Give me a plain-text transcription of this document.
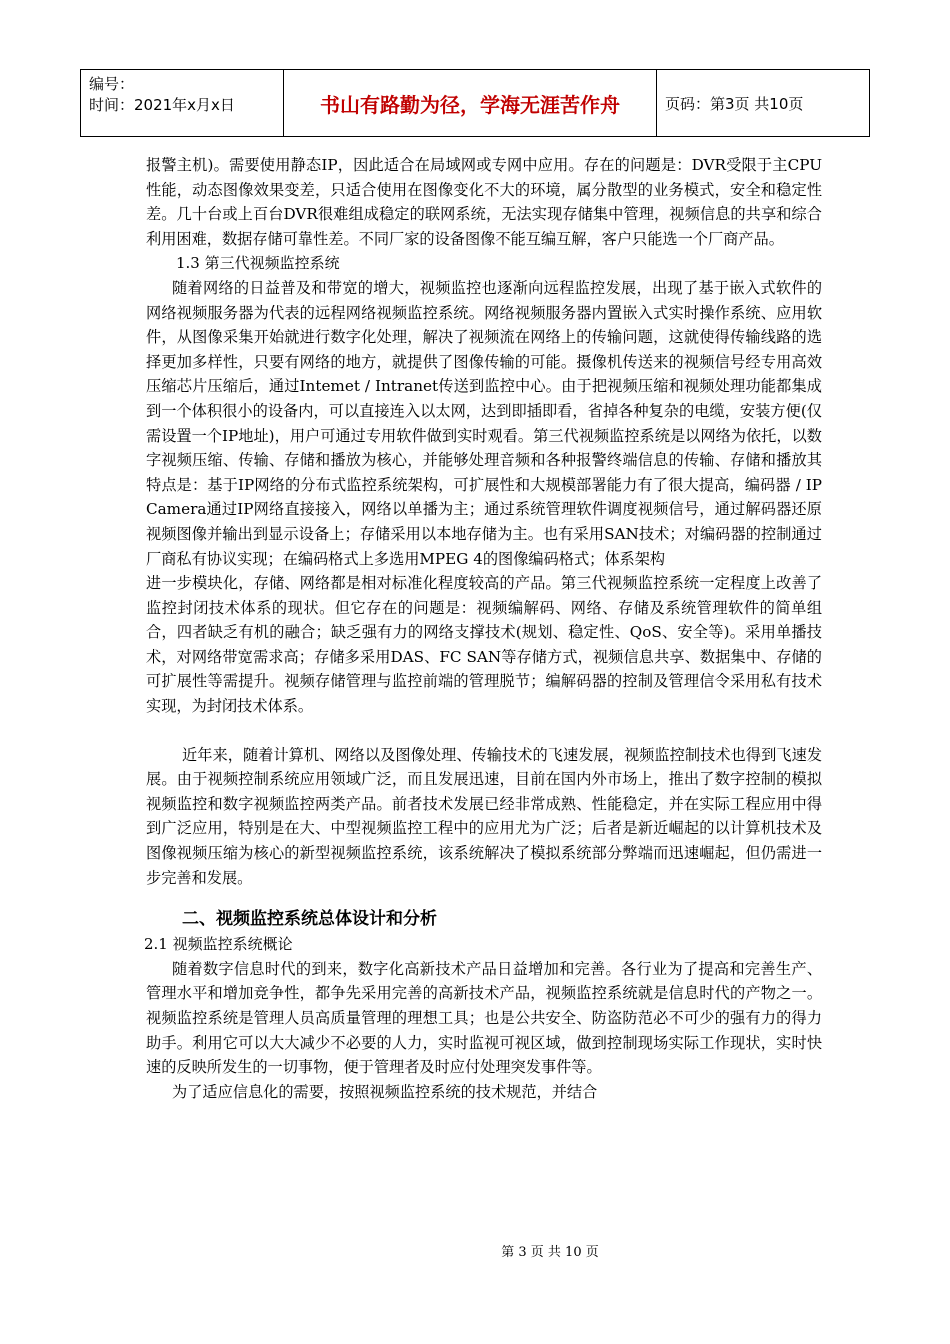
编号：
时间：2021年x月x日	书山有路勤为径，学海无涯苦作舟	页码：第3页 共10页

报警主机)。需要使用静态IP，因此适合在局域网或专网中应用。存在的问题是：DVR受限于主CPU性能，动态图像效果变差，只适合使用在图像变化不大的环境，属分散型的业务模式，安全和稳定性差。几十台或上百台DVR很难组成稳定的联网系统，无法实现存储集中管理，视频信息的共享和综合利用困难，数据存储可靠性差。不同厂家的设备图像不能互编互解，客户只能选一个厂商产品。

1.3 第三代视频监控系统

随着网络的日益普及和带宽的增大，视频监控也逐渐向远程监控发展，出现了基于嵌入式软件的网络视频服务器为代表的远程网络视频监控系统。网络视频服务器内置嵌入式实时操作系统、应用软件，从图像采集开始就进行数字化处理，解决了视频流在网络上的传输问题，这就使得传输线路的选择更加多样性，只要有网络的地方，就提供了图像传输的可能。摄像机传送来的视频信号经专用高效压缩芯片压缩后，通过Intemet / Intranet传送到监控中心。由于把视频压缩和视频处理功能都集成到一个体积很小的设备内，可以直接连入以太网，达到即插即看，省掉各种复杂的电缆，安装方便(仅需设置一个IP地址)，用户可通过专用软件做到实时观看。第三代视频监控系统是以网络为依托，以数字视频压缩、传输、存储和播放为核心，并能够处理音频和各种报警终端信息的传输、存储和播放其特点是：基于IP网络的分布式监控系统架构，可扩展性和大规模部署能力有了很大提高，编码器 / IP Camera通过IP网络直接接入，网络以单播为主；通过系统管理软件调度视频信号，通过解码器还原视频图像并输出到显示设备上；存储采用以本地存储为主。也有采用SAN技术；对编码器的控制通过厂商私有协议实现；在编码格式上多选用MPEG 4的图像编码格式；体系架构

进一步模块化，存储、网络都是相对标准化程度较高的产品。第三代视频监控系统一定程度上改善了监控封闭技术体系的现状。但它存在的问题是：视频编解码、网络、存储及系统管理软件的简单组合，四者缺乏有机的融合；缺乏强有力的网络支撑技术(规划、稳定性、QoS、安全等)。采用单播技术，对网络带宽需求高；存储多采用DAS、FC SAN等存储方式，视频信息共享、数据集中、存储的可扩展性等需提升。视频存储管理与监控前端的管理脱节；编解码器的控制及管理信令采用私有技术实现，为封闭技术体系。

近年来，随着计算机、网络以及图像处理、传输技术的飞速发展，视频监控制技术也得到飞速发展。由于视频控制系统应用领域广泛，而且发展迅速，目前在国内外市场上，推出了数字控制的模拟视频监控和数字视频监控两类产品。前者技术发展已经非常成熟、性能稳定，并在实际工程应用中得到广泛应用，特别是在大、中型视频监控工程中的应用尤为广泛；后者是新近崛起的以计算机技术及图像视频压缩为核心的新型视频监控系统，该系统解决了模拟系统部分弊端而迅速崛起，但仍需进一步完善和发展。

二、视频监控系统总体设计和分析

2.1 视频监控系统概论

随着数字信息时代的到来，数字化高新技术产品日益增加和完善。各行业为了提高和完善生产、管理水平和增加竞争性，都争先采用完善的高新技术产品，视频监控系统就是信息时代的产物之一。视频监控系统是管理人员高质量管理的理想工具；也是公共安全、防盗防范必不可少的强有力的得力助手。利用它可以大大减少不必要的人力，实时监视可视区域，做到控制现场实际工作现状，实时快速的反映所发生的一切事物，便于管理者及时应付处理突发事件等。

为了适应信息化的需要，按照视频监控系统的技术规范，并结合

第 3 页 共 10 页
